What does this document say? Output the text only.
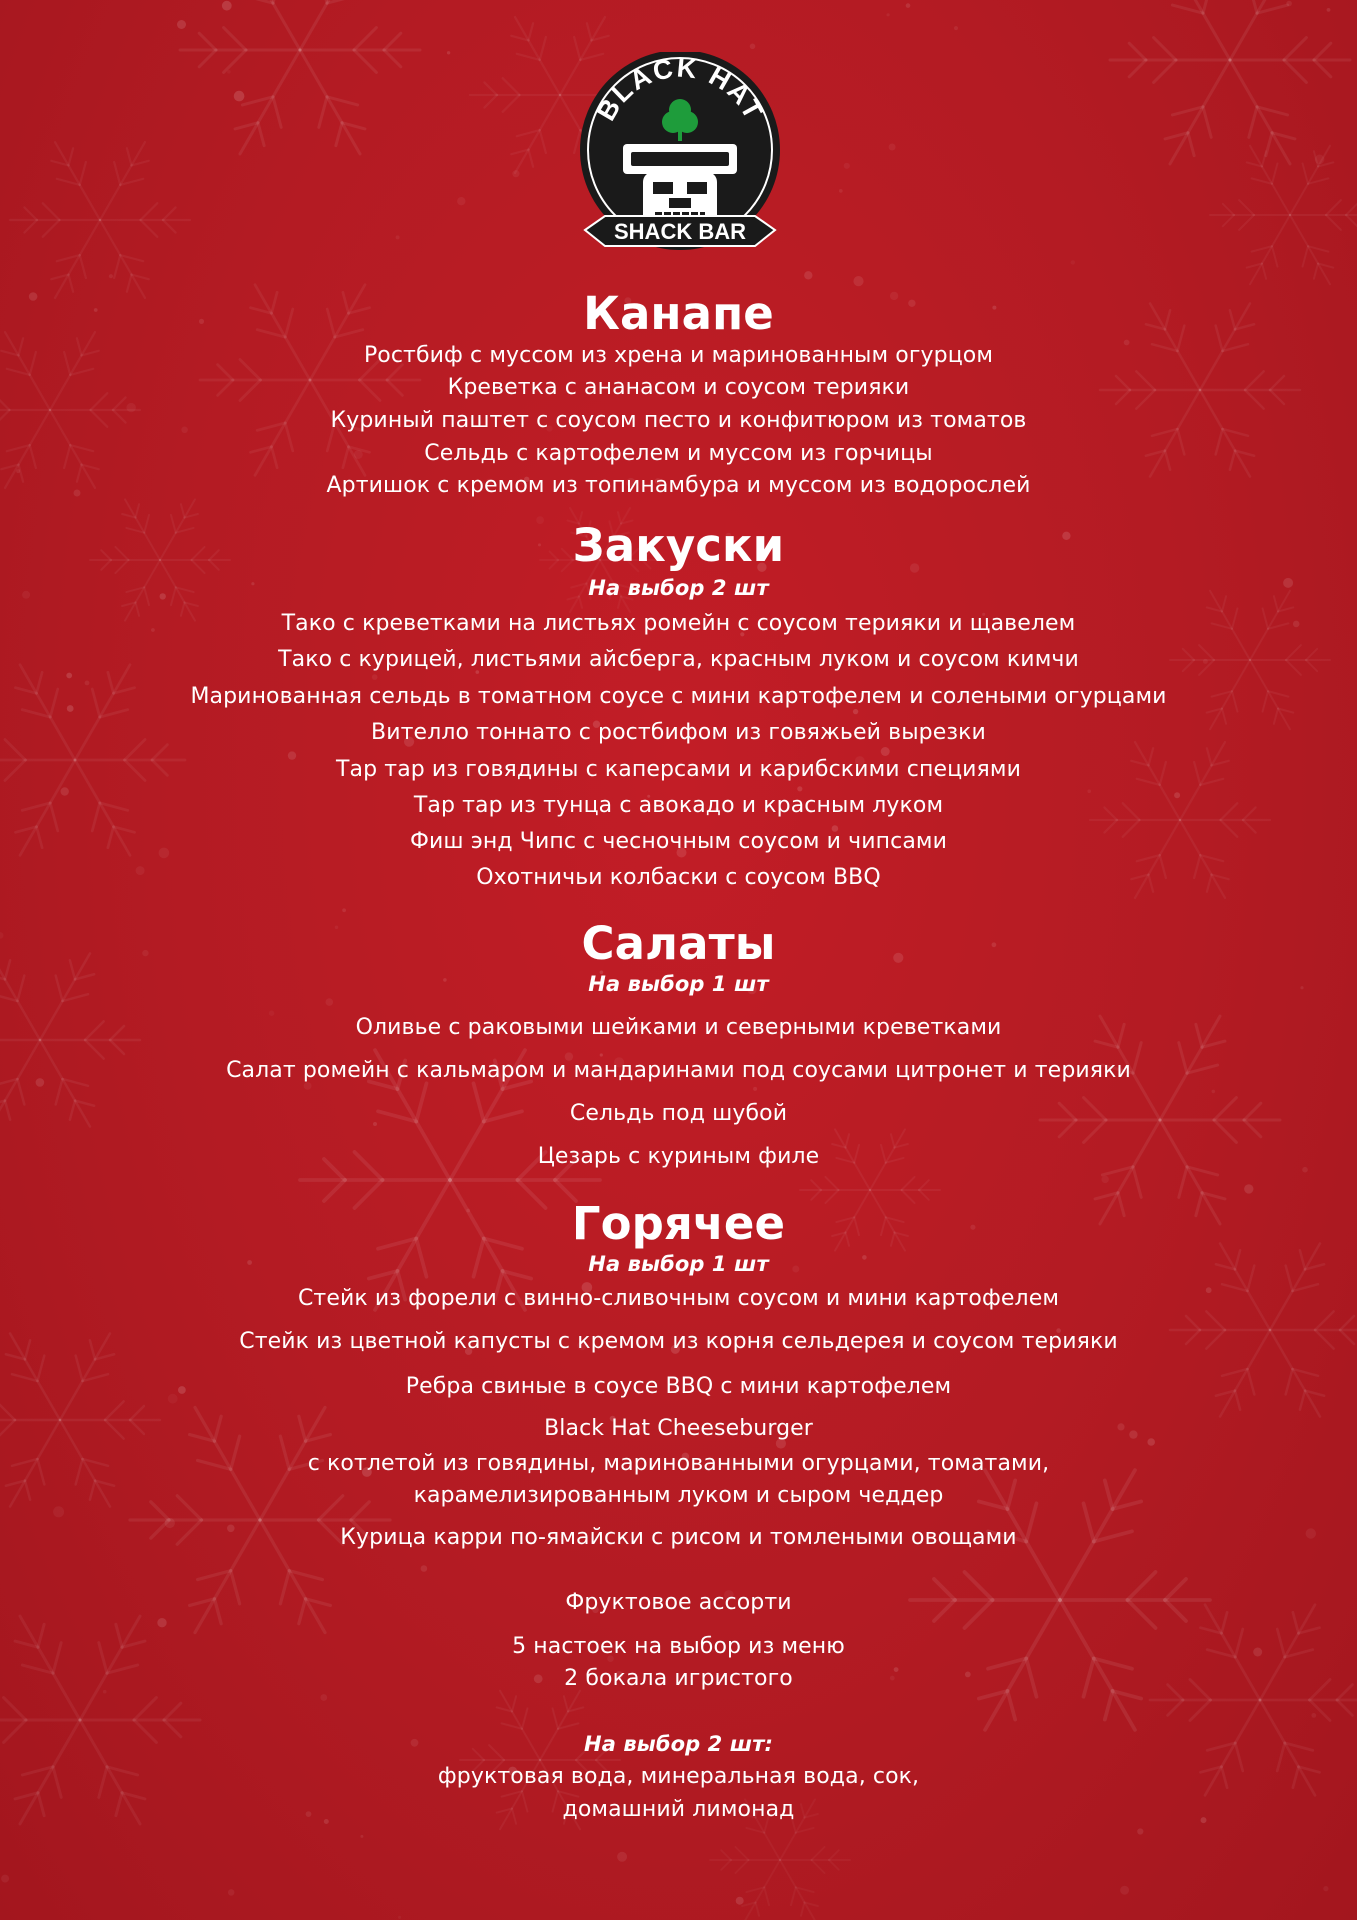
BLACK HAT
SHACK BAR
Канапе
Ростбиф с муссом из хрена и маринованным огурцом
Креветка с ананасом и соусом терияки
Куриный паштет с соусом песто и конфитюром из томатов
Сельдь с картофелем и муссом из горчицы
Артишок с кремом из топинамбура и муссом из водорослей
Закуски
На выбор 2 шт
Тако с креветками на листьях ромейн с соусом терияки и щавелем
Тако с курицей, листьями айсберга, красным луком и соусом кимчи
Маринованная сельдь в томатном соусе с мини картофелем и солеными огурцами
Вителло тоннато с ростбифом из говяжьей вырезки
Тар тар из говядины с каперсами и карибскими специями
Тар тар из тунца с авокадо и красным луком
Фиш энд Чипс с чесночным соусом и чипсами
Охотничьи колбаски с соусом BBQ
Салаты
На выбор 1 шт
Оливье с раковыми шейками и северными креветками
Салат ромейн с кальмаром и мандаринами под соусами цитронет и терияки
Сельдь под шубой
Цезарь с куриным филе
Горячее
На выбор 1 шт
Стейк из форели с винно-сливочным соусом и мини картофелем
Стейк из цветной капусты с кремом из корня сельдерея и соусом терияки
Ребра свиные в соусе BBQ с мини картофелем
Black Hat Cheeseburger
с котлетой из говядины, маринованными огурцами, томатами,
карамелизированным луком и сыром чеддер
Курица карри по-ямайски с рисом и томлеными овощами
Фруктовое ассорти
5 настоек на выбор из меню
2 бокала игристого
На выбор 2 шт:
фруктовая вода, минеральная вода, сок,
домашний лимонад
